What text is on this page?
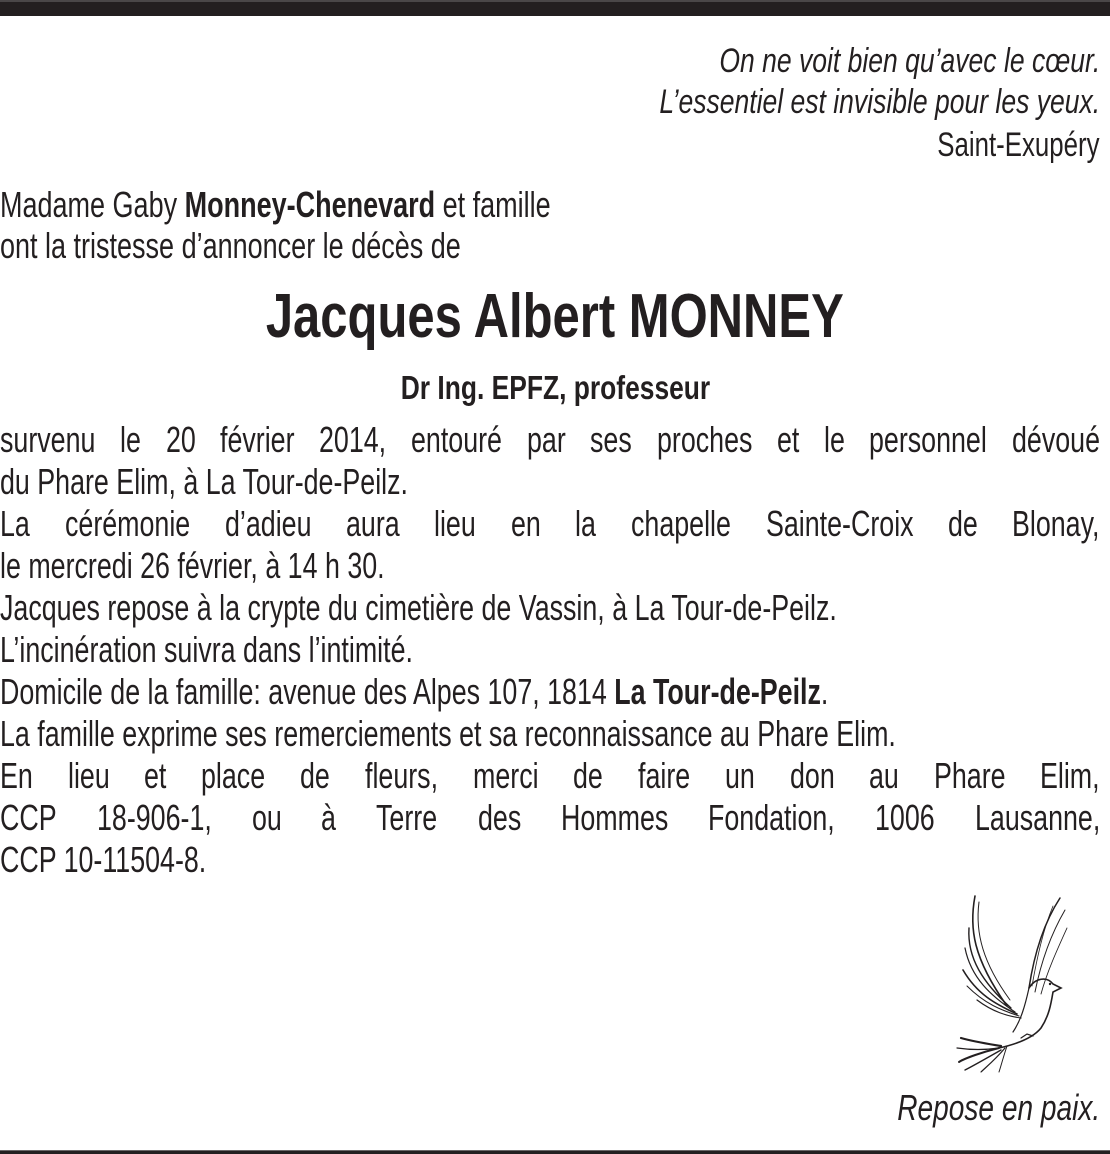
On ne voit bien qu’avec le cœur.
L’essentiel est invisible pour les yeux.
Saint-Exupéry
Madame Gaby Monney-Chenevard et famille
ont la tristesse d’annoncer le décès de
Jacques Albert MONNEY
Dr Ing. EPFZ, professeur
survenu le 20 février 2014, entouré par ses proches et le personnel dévoué
du Phare Elim, à La Tour-de-Peilz.
La cérémonie d’adieu aura lieu en la chapelle Sainte-Croix de Blonay,
le mercredi 26 février, à 14 h 30.
Jacques repose à la crypte du cimetière de Vassin, à La Tour-de-Peilz.
L’incinération suivra dans l’intimité.
Domicile de la famille: avenue des Alpes 107, 1814 La Tour-de-Peilz.
La famille exprime ses remerciements et sa reconnaissance au Phare Elim.
En lieu et place de fleurs, merci de faire un don au Phare Elim,
CCP 18-906-1, ou à Terre des Hommes Fondation, 1006 Lausanne,
CCP 10-11504-8.
Repose en paix.
